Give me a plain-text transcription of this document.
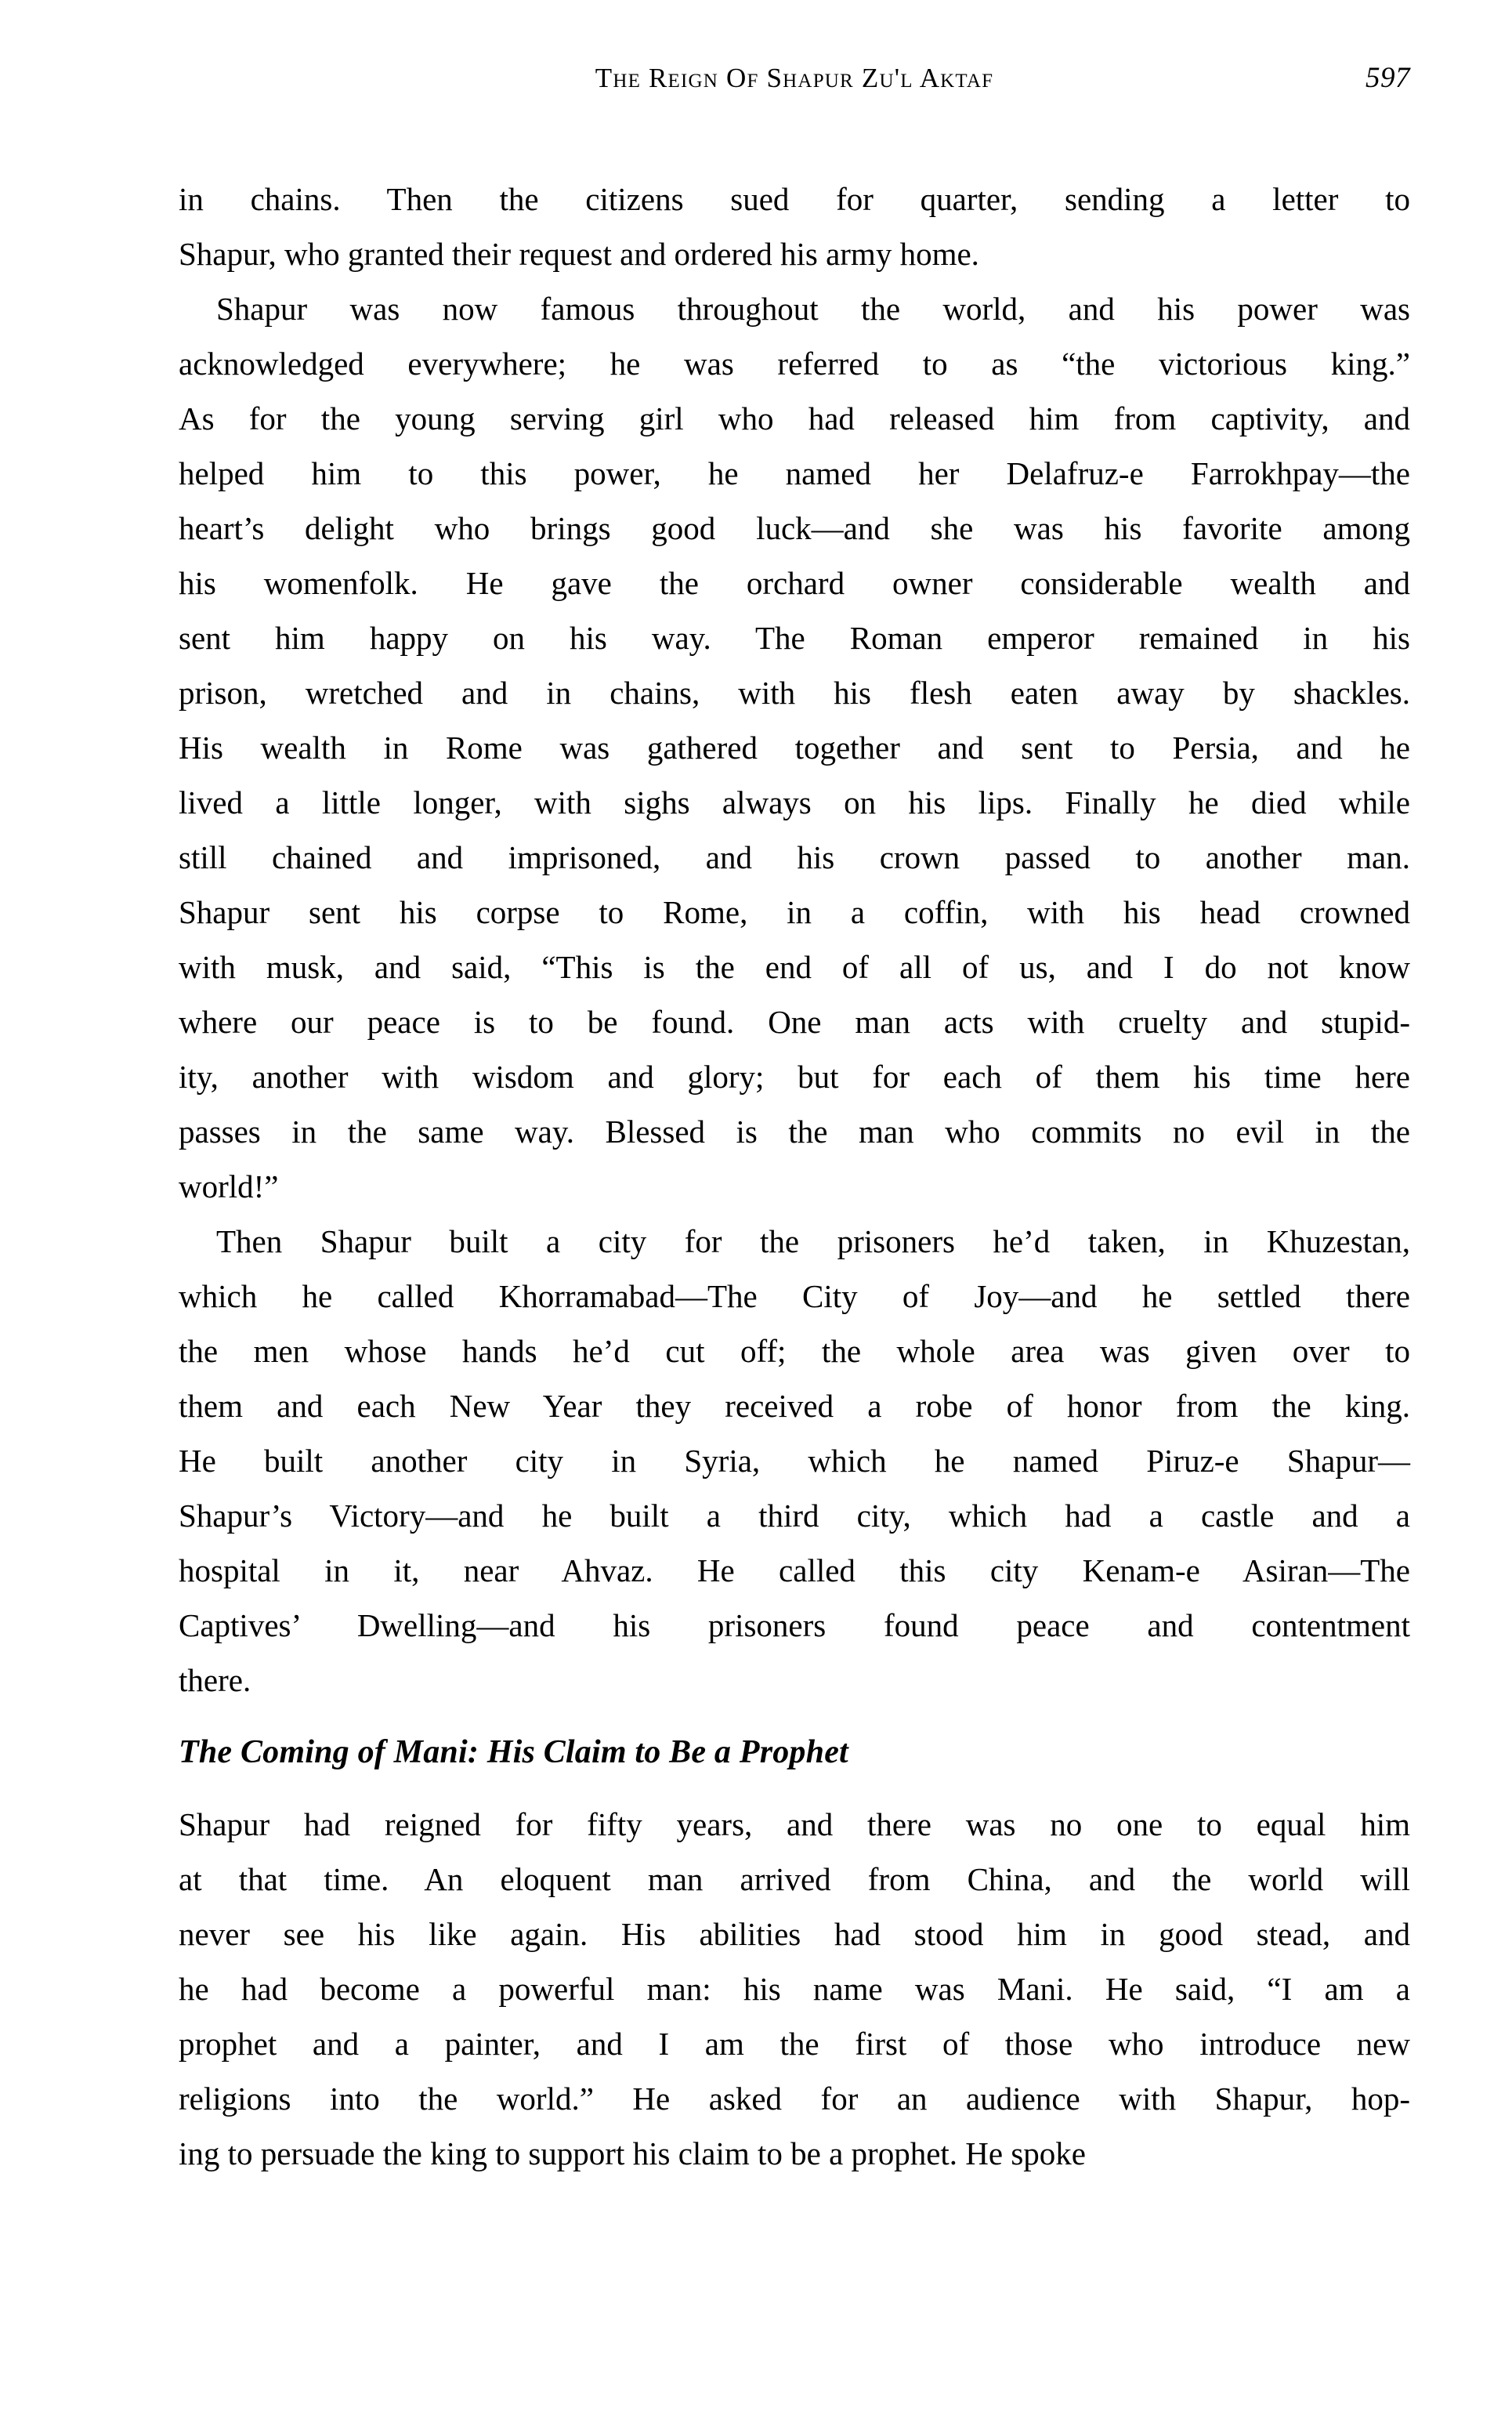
The Reign Of Shapur Zu'l Aktaf	597
in chains. Then the citizens sued for quarter, sending a letter to
Shapur, who granted their request and ordered his army home.
Shapur was now famous throughout the world, and his power was
acknowledged everywhere; he was referred to as “the victorious king.”
As for the young serving girl who had released him from captivity, and
helped him to this power, he named her Delafruz-e Farrokhpay—the
heart’s delight who brings good luck—and she was his favorite among
his womenfolk. He gave the orchard owner considerable wealth and
sent him happy on his way. The Roman emperor remained in his
prison, wretched and in chains, with his flesh eaten away by shackles.
His wealth in Rome was gathered together and sent to Persia, and he
lived a little longer, with sighs always on his lips. Finally he died while
still chained and imprisoned, and his crown passed to another man.
Shapur sent his corpse to Rome, in a coffin, with his head crowned
with musk, and said, “This is the end of all of us, and I do not know
where our peace is to be found. One man acts with cruelty and stupid-
ity, another with wisdom and glory; but for each of them his time here
passes in the same way. Blessed is the man who commits no evil in the
world!”
Then Shapur built a city for the prisoners he’d taken, in Khuzestan,
which he called Khorramabad—The City of Joy—and he settled there
the men whose hands he’d cut off; the whole area was given over to
them and each New Year they received a robe of honor from the king.
He built another city in Syria, which he named Piruz-e Shapur—
Shapur’s Victory—and he built a third city, which had a castle and a
hospital in it, near Ahvaz. He called this city Kenam-e Asiran—The
Captives’ Dwelling—and his prisoners found peace and contentment
there.
The Coming of Mani: His Claim to Be a Prophet
Shapur had reigned for fifty years, and there was no one to equal him
at that time. An eloquent man arrived from China, and the world will
never see his like again. His abilities had stood him in good stead, and
he had become a powerful man: his name was Mani. He said, “I am a
prophet and a painter, and I am the first of those who introduce new
religions into the world.” He asked for an audience with Shapur, hop-
ing to persuade the king to support his claim to be a prophet. He spoke
